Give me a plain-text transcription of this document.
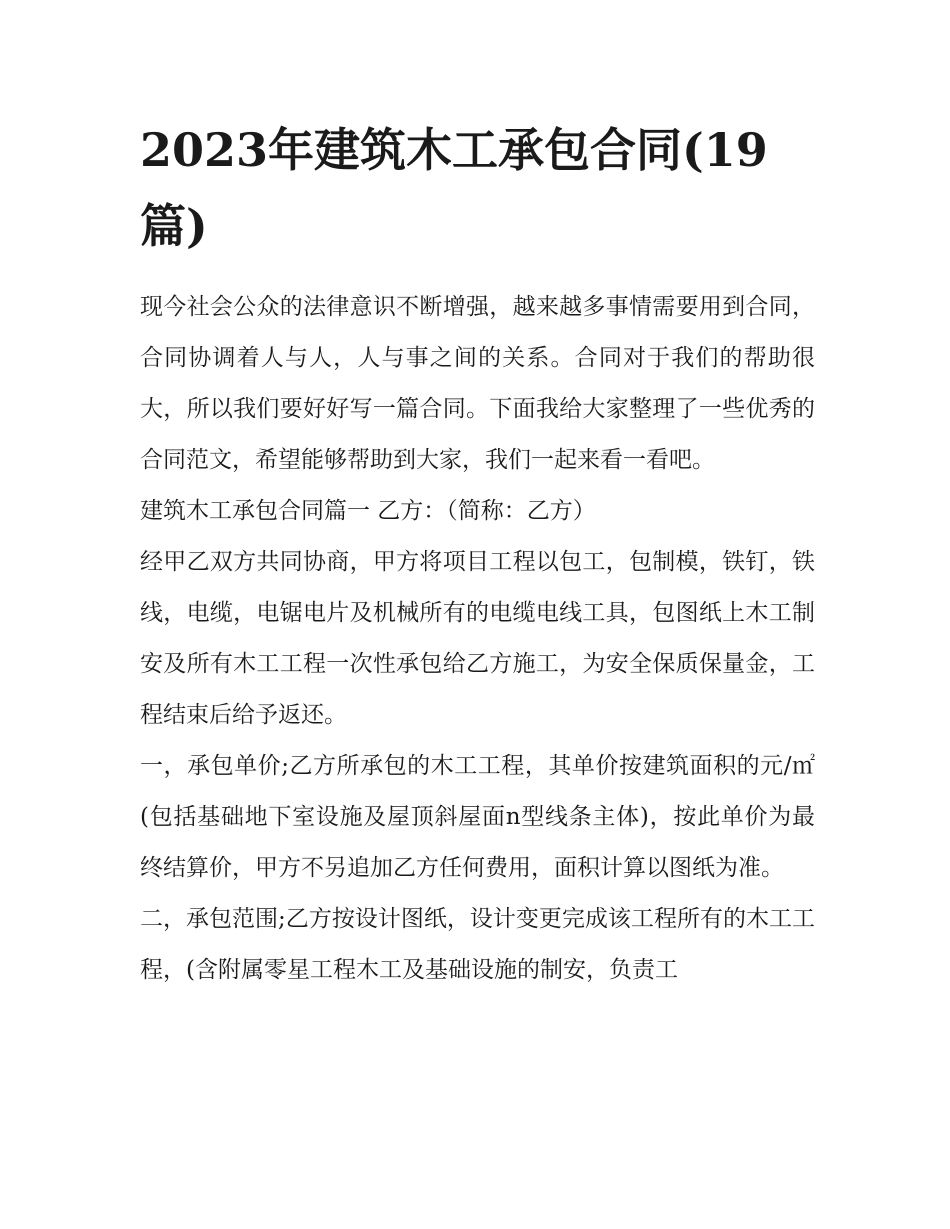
2023年建筑木工承包合同(19篇)

现今社会公众的法律意识不断增强，越来越多事情需要用到合同，合同协调着人与人，人与事之间的关系。合同对于我们的帮助很大，所以我们要好好写一篇合同。下面我给大家整理了一些优秀的合同范文，希望能够帮助到大家，我们一起来看一看吧。

建筑木工承包合同篇一 乙方：（简称：乙方）

经甲乙双方共同协商，甲方将项目工程以包工，包制模，铁钉，铁线，电缆，电锯电片及机械所有的电缆电线工具，包图纸上木工制安及所有木工工程一次性承包给乙方施工，为安全保质保量金，工程结束后给予返还。

一，承包单价;乙方所承包的木工工程，其单价按建筑面积的元/㎡(包括基础地下室设施及屋顶斜屋面n型线条主体)，按此单价为最终结算价，甲方不另追加乙方任何费用，面积计算以图纸为准。

二，承包范围;乙方按设计图纸，设计变更完成该工程所有的木工工程，(含附属零星工程木工及基础设施的制安，负责工
